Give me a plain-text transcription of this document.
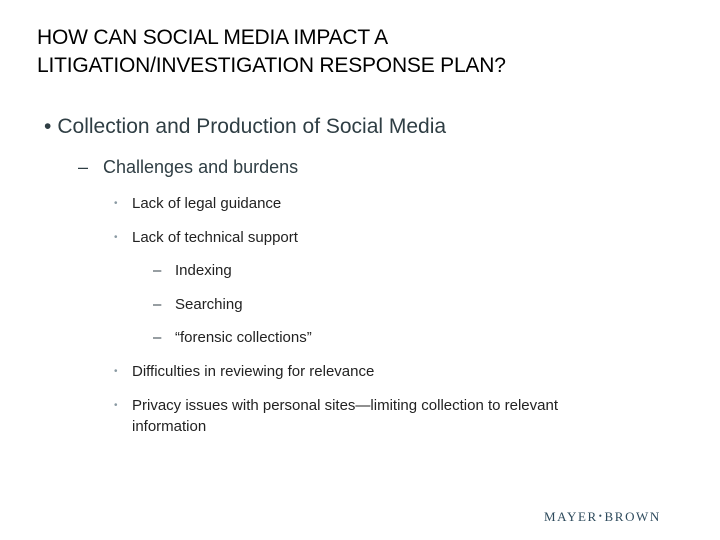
HOW CAN SOCIAL MEDIA IMPACT A
LITIGATION/INVESTIGATION RESPONSE PLAN?
• Collection and Production of Social Media
– Challenges and burdens
• Lack of legal guidance
• Lack of technical support
– Indexing
– Searching
– “forensic collections”
• Difficulties in reviewing for relevance
• Privacy issues with personal sites—limiting collection to relevant
information
MAYER•BROWN
